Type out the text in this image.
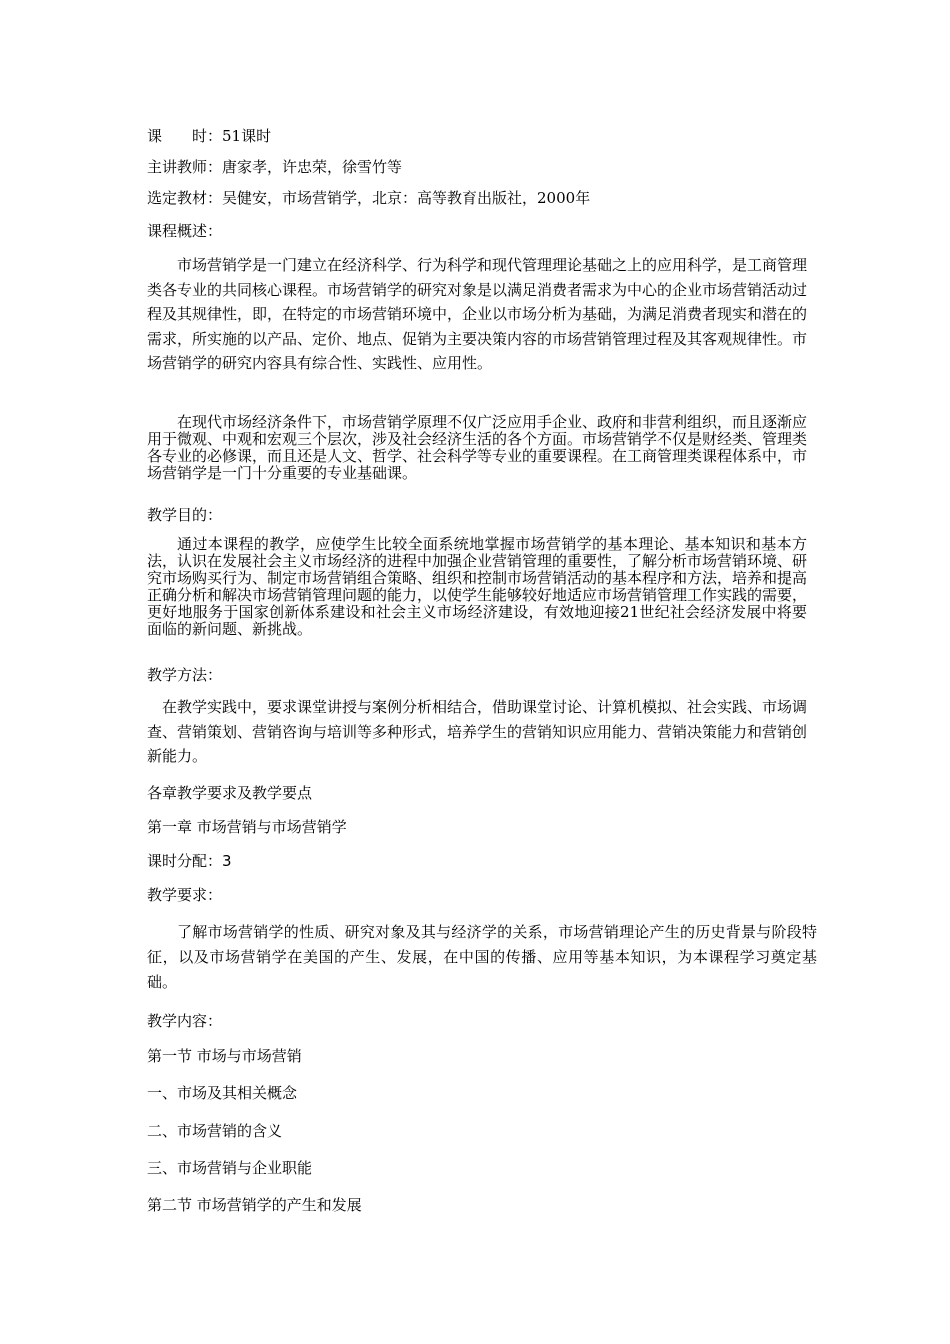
课　　时：51课时

主讲教师：唐家孝，许忠荣，徐雪竹等

选定教材：吴健安，市场营销学，北京：高等教育出版社，2000年

课程概述：

市场营销学是一门建立在经济科学、行为科学和现代管理理论基础之上的应用科学，是工商管理类各专业的共同核心课程。市场营销学的研究对象是以满足消费者需求为中心的企业市场营销活动过程及其规律性，即，在特定的市场营销环境中，企业以市场分析为基础，为满足消费者现实和潜在的需求，所实施的以产品、定价、地点、促销为主要决策内容的市场营销管理过程及其客观规律性。市场营销学的研究内容具有综合性、实践性、应用性。

在现代市场经济条件下，市场营销学原理不仅广泛应用手企业、政府和非营利组织，而且逐渐应用于微观、中观和宏观三个层次，涉及社会经济生活的各个方面。市场营销学不仅是财经类、管理类各专业的必修课，而且还是人文、哲学、社会科学等专业的重要课程。在工商管理类课程体系中，市场营销学是一门十分重要的专业基础课。

教学目的：

通过本课程的教学，应使学生比较全面系统地掌握市场营销学的基本理论、基本知识和基本方法，认识在发展社会主义市场经济的进程中加强企业营销管理的重要性，了解分析市场营销环境、研究市场购买行为、制定市场营销组合策略、组织和控制市场营销活动的基本程序和方法，培养和提高正确分析和解决市场营销管理问题的能力，以使学生能够较好地适应市场营销管理工作实践的需要，更好地服务于国家创新体系建设和社会主义市场经济建设，有效地迎接21世纪社会经济发展中将要面临的新问题、新挑战。

教学方法：

在教学实践中，要求课堂讲授与案例分析相结合，借助课堂讨论、计算机模拟、社会实践、市场调查、营销策划、营销咨询与培训等多种形式，培养学生的营销知识应用能力、营销决策能力和营销创新能力。

各章教学要求及教学要点

第一章 市场营销与市场营销学

课时分配：3

教学要求：

了解市场营销学的性质、研究对象及其与经济学的关系，市场营销理论产生的历史背景与阶段特征，以及市场营销学在美国的产生、发展，在中国的传播、应用等基本知识，为本课程学习奠定基础。

教学内容：

第一节 市场与市场营销

一、市场及其相关概念

二、市场营销的含义

三、市场营销与企业职能

第二节 市场营销学的产生和发展
